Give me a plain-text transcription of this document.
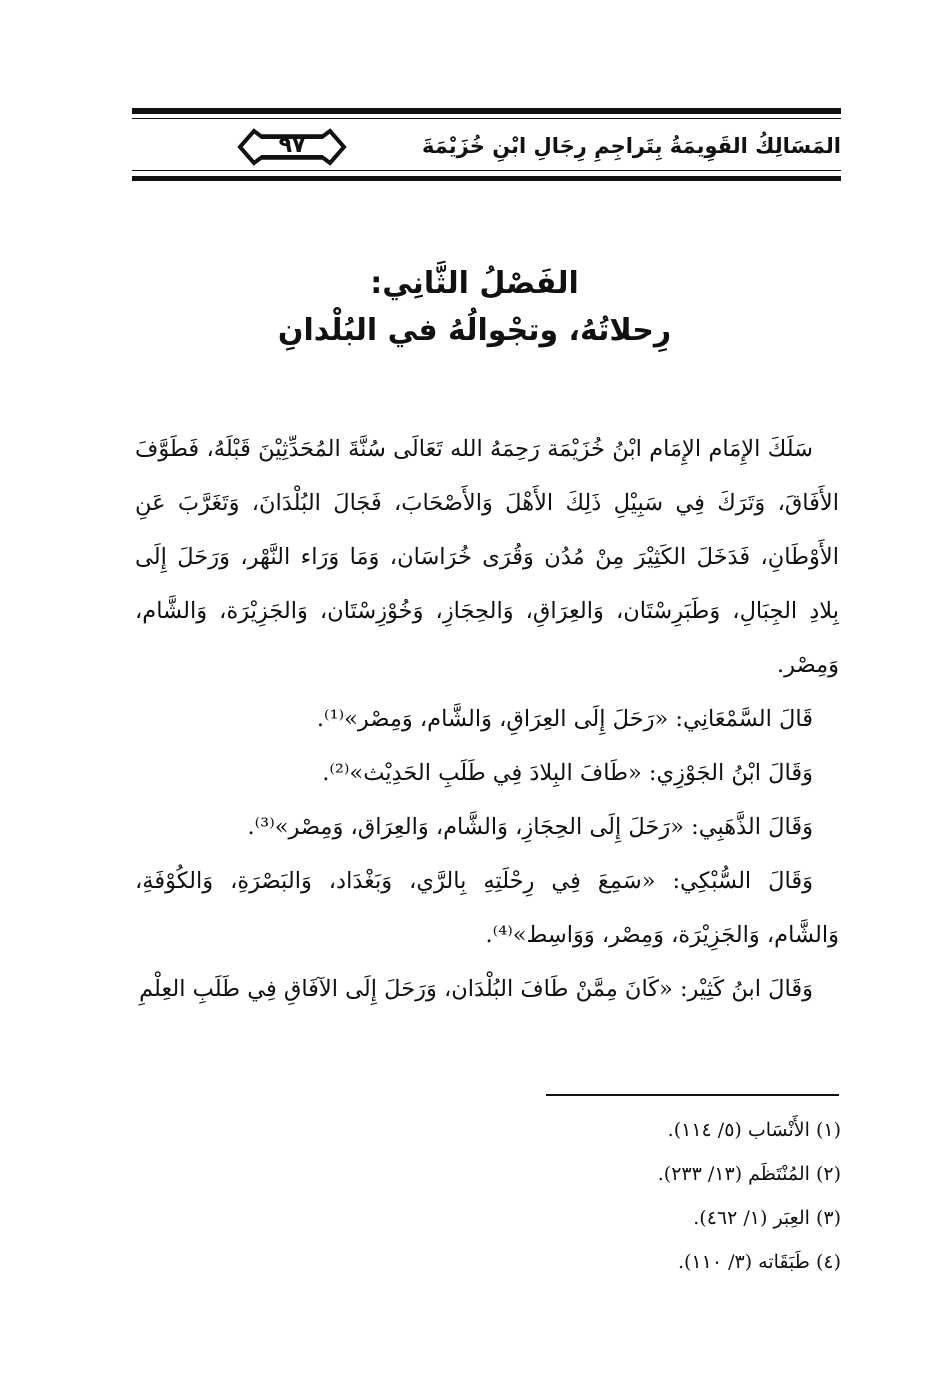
المَسَالِكُ القَوِيمَةُ بِتَراجِمِ رِجَالِ ابْنِ خُزَيْمَةَ
٩٧
الفَصْلُ الثَّانِي:
رِحلاتُهُ، وتجْوالُهُ في البُلْدانِ

سَلَكَ الإِمَام الإِمَام ابْنُ خُزَيْمَة رَحِمَهُ الله تَعَالَى سُنَّةَ المُحَدِّثِيْنَ قَبْلَهُ، فَطَوَّفَ الأَفَاقَ، وَتَرَكَ فِي سَبِيْلِ ذَلِكَ الأَهْلَ وَالأَصْحَابَ، فَجَالَ البُلْدَانَ، وَتَغَرَّبَ عَنِ الأَوْطَانِ، فَدَخَلَ الكَثِيْرَ مِنْ مُدُن وَقُرَى خُرَاسَان، وَمَا وَرَاء النَّهْر، وَرَحَلَ إِلَى بِلادِ الجِبَالِ، وَطَبَرِسْتَان، وَالعِرَاقِ، وَالحِجَازِ، وَخُوْزِسْتَان، وَالجَزِيْرَة، وَالشَّام، وَمِصْر.

قَالَ السَّمْعَانِي: «رَحَلَ إِلَى العِرَاقِ، وَالشَّام، وَمِصْر»⁽¹⁾.

وَقَالَ ابْنُ الجَوْزِي: «طَافَ البِلادَ فِي طَلَبِ الحَدِيْث»⁽²⁾.

وَقَالَ الذَّهَبِي: «رَحَلَ إِلَى الحِجَازِ، وَالشَّام، وَالعِرَاق، وَمِصْر»⁽³⁾.

وَقَالَ السُّبْكِي: «سَمِعَ فِي رِحْلَتِهِ بِالرَّي، وَبَغْدَاد، وَالبَصْرَةِ، وَالكُوْفَةِ، وَالشَّام، وَالجَزِيْرَة، وَمِصْر، وَوَاسِط»⁽⁴⁾.

وَقَالَ ابنُ كَثِيْر: «كَانَ مِمَّنْ طَافَ البُلْدَان، وَرَحَلَ إِلَى الآفَاقِ فِي طَلَبِ العِلْمِ

(١) الأَنْسَاب (٥/ ١١٤).
(٢) المُنْتَظَم (١٣/ ٢٣٣).
(٣) العِبَر (١/ ٤٦٢).
(٤) طَبَقَاته (٣/ ١١٠).
